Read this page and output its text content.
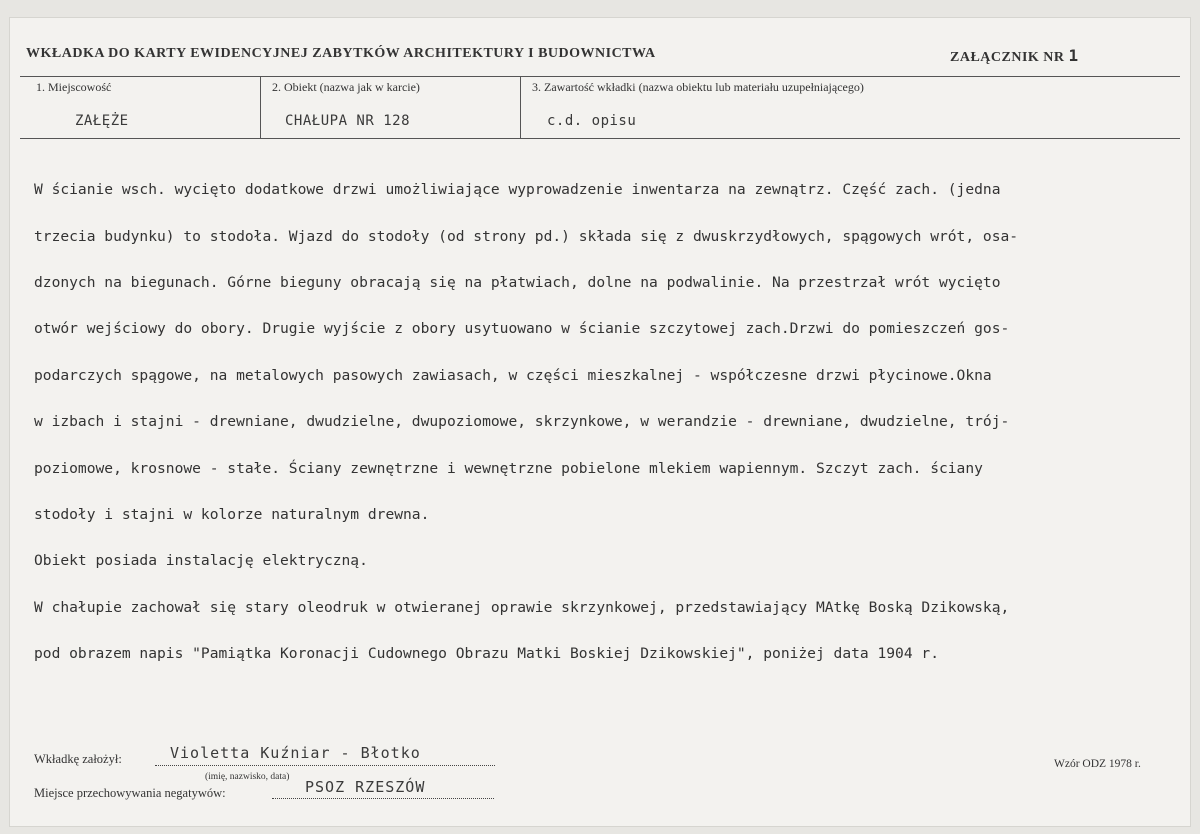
WKŁADKA DO KARTY EWIDENCYJNEJ ZABYTKÓW ARCHITEKTURY I BUDOWNICTWA	ZAŁĄCZNIK NR 1
1. Miejscowość
ZAŁĘŻE
2. Obiekt (nazwa jak w karcie)
CHAŁUPA NR 128
3. Zawartość wkładki (nazwa obiektu lub materiału uzupełniającego)
c.d. opisu

W ścianie wsch. wycięto dodatkowe drzwi umożliwiające wyprowadzenie inwentarza na zewnątrz. Część zach. (jedna

trzecia budynku) to stodoła. Wjazd do stodoły (od strony pd.) składa się z dwuskrzydłowych, spągowych wrót, osa-

dzonych na biegunach. Górne bieguny obracają się na płatwiach, dolne na podwalinie. Na przestrzał wrót wycięto

otwór wejściowy do obory. Drugie wyjście z obory usytuowano w ścianie szczytowej zach.Drzwi do pomieszczeń gos-

podarczych spągowe, na metalowych pasowych zawiasach, w części mieszkalnej - współczesne drzwi płycinowe.Okna

w izbach i stajni - drewniane, dwudzielne, dwupoziomowe, skrzynkowe, w werandzie - drewniane, dwudzielne, trój-

poziomowe, krosnowe - stałe. Ściany zewnętrzne i wewnętrzne pobielone mlekiem wapiennym. Szczyt zach. ściany

stodoły i stajni w kolorze naturalnym drewna.

Obiekt posiada instalację elektryczną.

W chałupie zachował się stary oleodruk w otwieranej oprawie skrzynkowej, przedstawiający MAtkę Boską Dzikowską,

pod obrazem napis "Pamiątka Koronacji Cudownego Obrazu Matki Boskiej Dzikowskiej", poniżej data 1904 r.

Wkładkę założył:	Violetta Kuźniar - Błotko
(imię, nazwisko, data)
Miejsce przechowywania negatywów:	PSOZ RZESZÓW
Wzór ODZ 1978 r.
